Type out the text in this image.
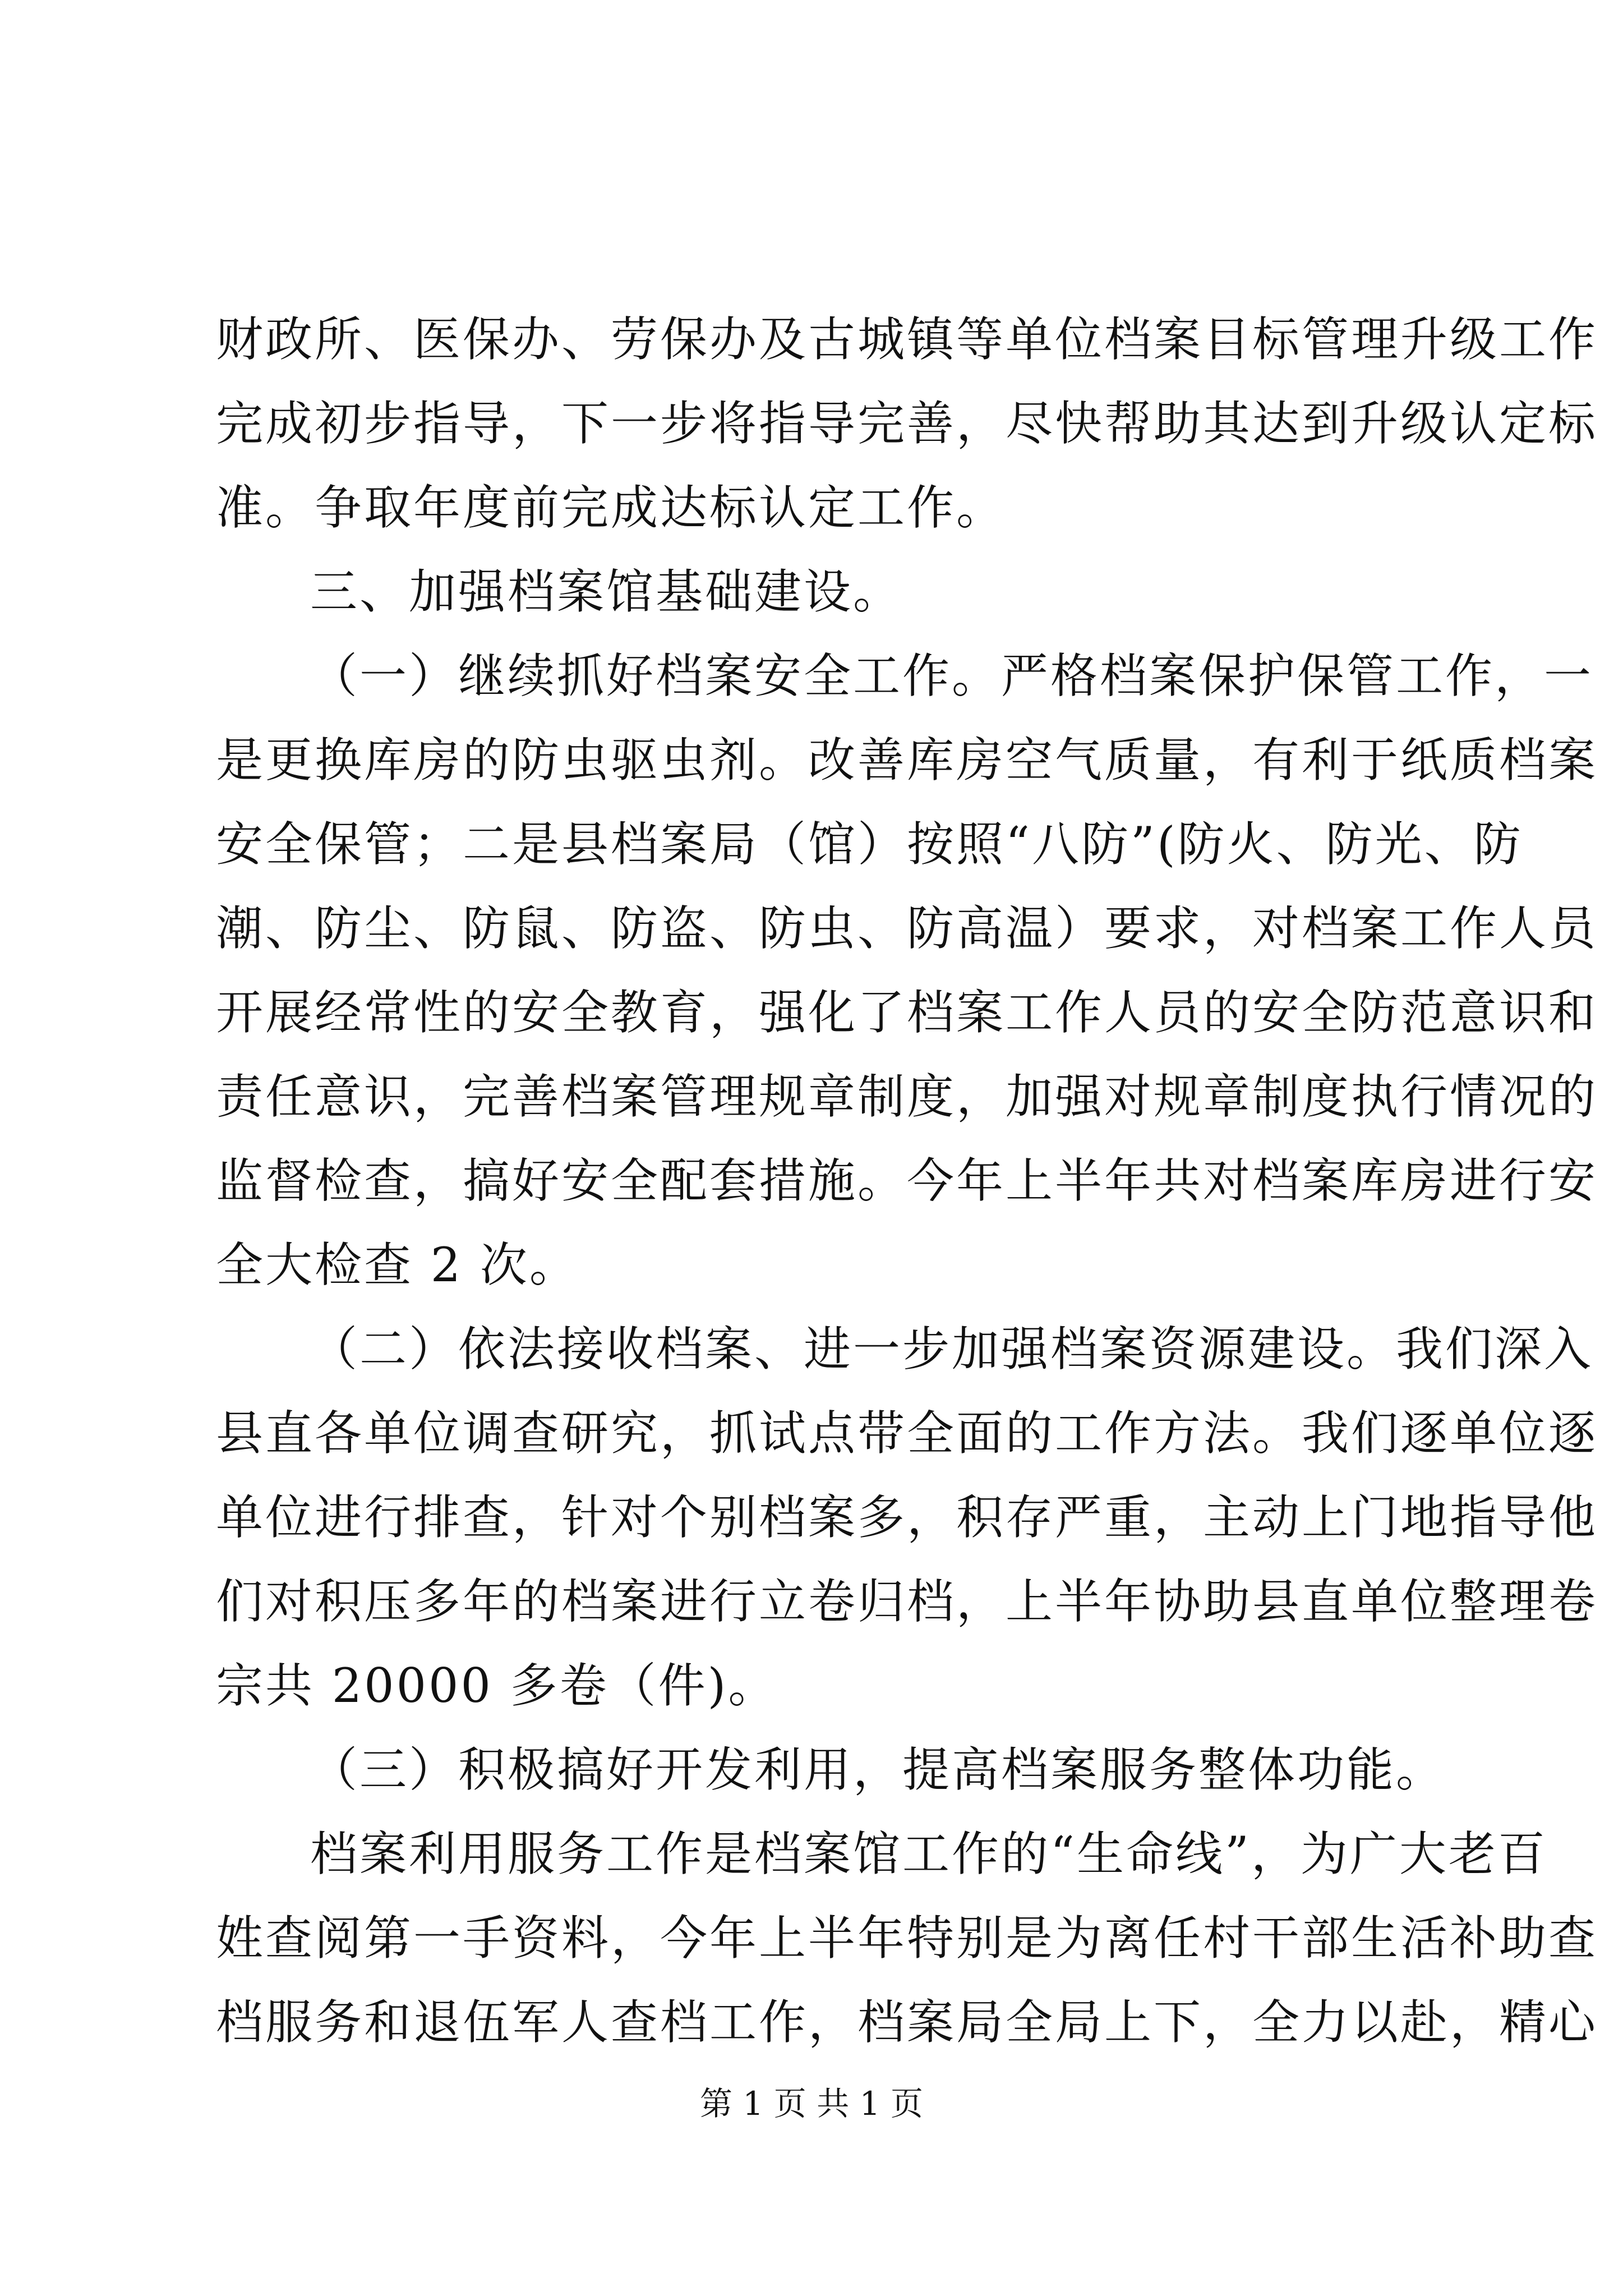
财政所、医保办、劳保办及古城镇等单位档案目标管理升级工作
完成初步指导，下一步将指导完善，尽快帮助其达到升级认定标
准。争取年度前完成达标认定工作。
三、加强档案馆基础建设。
（一）继续抓好档案安全工作。严格档案保护保管工作，一
是更换库房的防虫驱虫剂。改善库房空气质量，有利于纸质档案
安全保管；二是县档案局（馆）按照“八防”(防火、防光、防
潮、防尘、防鼠、防盗、防虫、防高温）要求，对档案工作人员
开展经常性的安全教育，强化了档案工作人员的安全防范意识和
责任意识，完善档案管理规章制度，加强对规章制度执行情况的
监督检查，搞好安全配套措施。今年上半年共对档案库房进行安
全大检查 2 次。
（二）依法接收档案、进一步加强档案资源建设。我们深入
县直各单位调查研究，抓试点带全面的工作方法。我们逐单位逐
单位进行排查，针对个别档案多，积存严重，主动上门地指导他
们对积压多年的档案进行立卷归档，上半年协助县直单位整理卷
宗共 20000 多卷（件)。
（三）积极搞好开发利用，提高档案服务整体功能。
档案利用服务工作是档案馆工作的“生命线”，为广大老百
姓查阅第一手资料，今年上半年特别是为离任村干部生活补助查
档服务和退伍军人查档工作，档案局全局上下，全力以赴，精心
第 1 页 共 1 页
